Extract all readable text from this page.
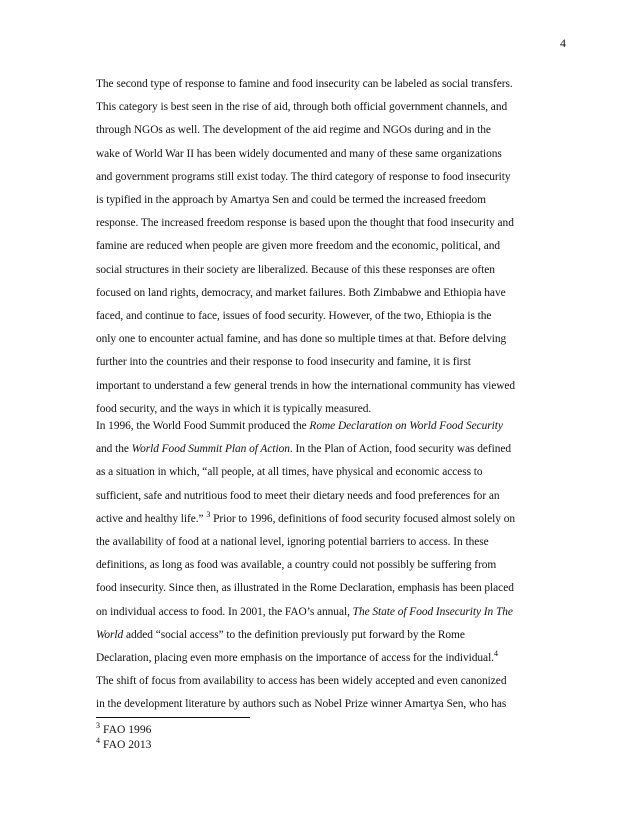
4
The second type of response to famine and food insecurity can be labeled as social transfers.
This category is best seen in the rise of aid, through both official government channels, and
through NGOs as well. The development of the aid regime and NGOs during and in the
wake of World War II has been widely documented and many of these same organizations
and government programs still exist today. The third category of response to food insecurity
is typified in the approach by Amartya Sen and could be termed the increased freedom
response. The increased freedom response is based upon the thought that food insecurity and
famine are reduced when people are given more freedom and the economic, political, and
social structures in their society are liberalized. Because of this these responses are often
focused on land rights, democracy, and market failures. Both Zimbabwe and Ethiopia have
faced, and continue to face, issues of food security. However, of the two, Ethiopia is the
only one to encounter actual famine, and has done so multiple times at that. Before delving
further into the countries and their response to food insecurity and famine, it is first
important to understand a few general trends in how the international community has viewed
food security, and the ways in which it is typically measured.
In 1996, the World Food Summit produced the Rome Declaration on World Food Security
and the World Food Summit Plan of Action. In the Plan of Action, food security was defined
as a situation in which, “all people, at all times, have physical and economic access to
sufficient, safe and nutritious food to meet their dietary needs and food preferences for an
active and healthy life.” $^3$ Prior to 1996, definitions of food security focused almost solely on
the availability of food at a national level, ignoring potential barriers to access. In these
definitions, as long as food was available, a country could not possibly be suffering from
food insecurity. Since then, as illustrated in the Rome Declaration, emphasis has been placed
on individual access to food. In 2001, the FAO’s annual, The State of Food Insecurity In The
World added “social access” to the definition previously put forward by the Rome
Declaration, placing even more emphasis on the importance of access for the individual.$^4$
The shift of focus from availability to access has been widely accepted and even canonized
in the development literature by authors such as Nobel Prize winner Amartya Sen, who has
$^3$ FAO 1996
$^4$ FAO 2013
